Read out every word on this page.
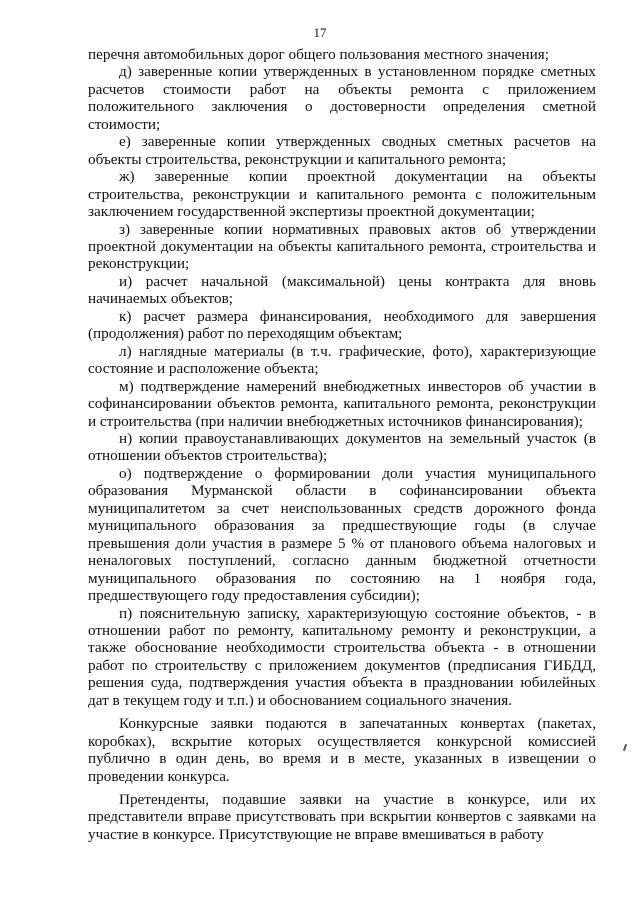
17

перечня автомобильных дорог общего пользования местного значения;

д) заверенные копии утвержденных в установленном порядке сметных расчетов стоимости работ на объекты ремонта с приложением положительного заключения о достоверности определения сметной стоимости;

е) заверенные копии утвержденных сводных сметных расчетов на объекты строительства, реконструкции и капитального ремонта;

ж) заверенные копии проектной документации на объекты строительства, реконструкции и капитального ремонта с положительным заключением государственной экспертизы проектной документации;

з) заверенные копии нормативных правовых актов об утверждении проектной документации на объекты капитального ремонта, строительства и реконструкции;

и) расчет начальной (максимальной) цены контракта для вновь начинаемых объектов;

к) расчет размера финансирования, необходимого для завершения (продолжения) работ по переходящим объектам;

л) наглядные материалы (в т.ч. графические, фото), характеризующие состояние и расположение объекта;

м) подтверждение намерений внебюджетных инвесторов об участии в софинансировании объектов ремонта, капитального ремонта, реконструкции и строительства (при наличии внебюджетных источников финансирования);

н) копии правоустанавливающих документов на земельный участок (в отношении объектов строительства);

о) подтверждение о формировании доли участия муниципального образования Мурманской области в софинансировании объекта муниципалитетом за счет неиспользованных средств дорожного фонда муниципального образования за предшествующие годы (в случае превышения доли участия в размере 5 % от планового объема налоговых и неналоговых поступлений, согласно данным бюджетной отчетности муниципального образования по состоянию на 1 ноября года, предшествующего году предоставления субсидии);

п) пояснительную записку, характеризующую состояние объектов, - в отношении работ по ремонту, капитальному ремонту и реконструкции, а также обоснование необходимости строительства объекта - в отношении работ по строительству с приложением документов (предписания ГИБДД, решения суда, подтверждения участия объекта в праздновании юбилейных дат в текущем году и т.п.) и обоснованием социального значения.

Конкурсные заявки подаются в запечатанных конвертах (пакетах, коробках), вскрытие которых осуществляется конкурсной комиссией публично в один день, во время и в месте, указанных в извещении о проведении конкурса.

Претенденты, подавшие заявки на участие в конкурсе, или их представители вправе присутствовать при вскрытии конвертов с заявками на участие в конкурсе. Присутствующие не вправе вмешиваться в работу
